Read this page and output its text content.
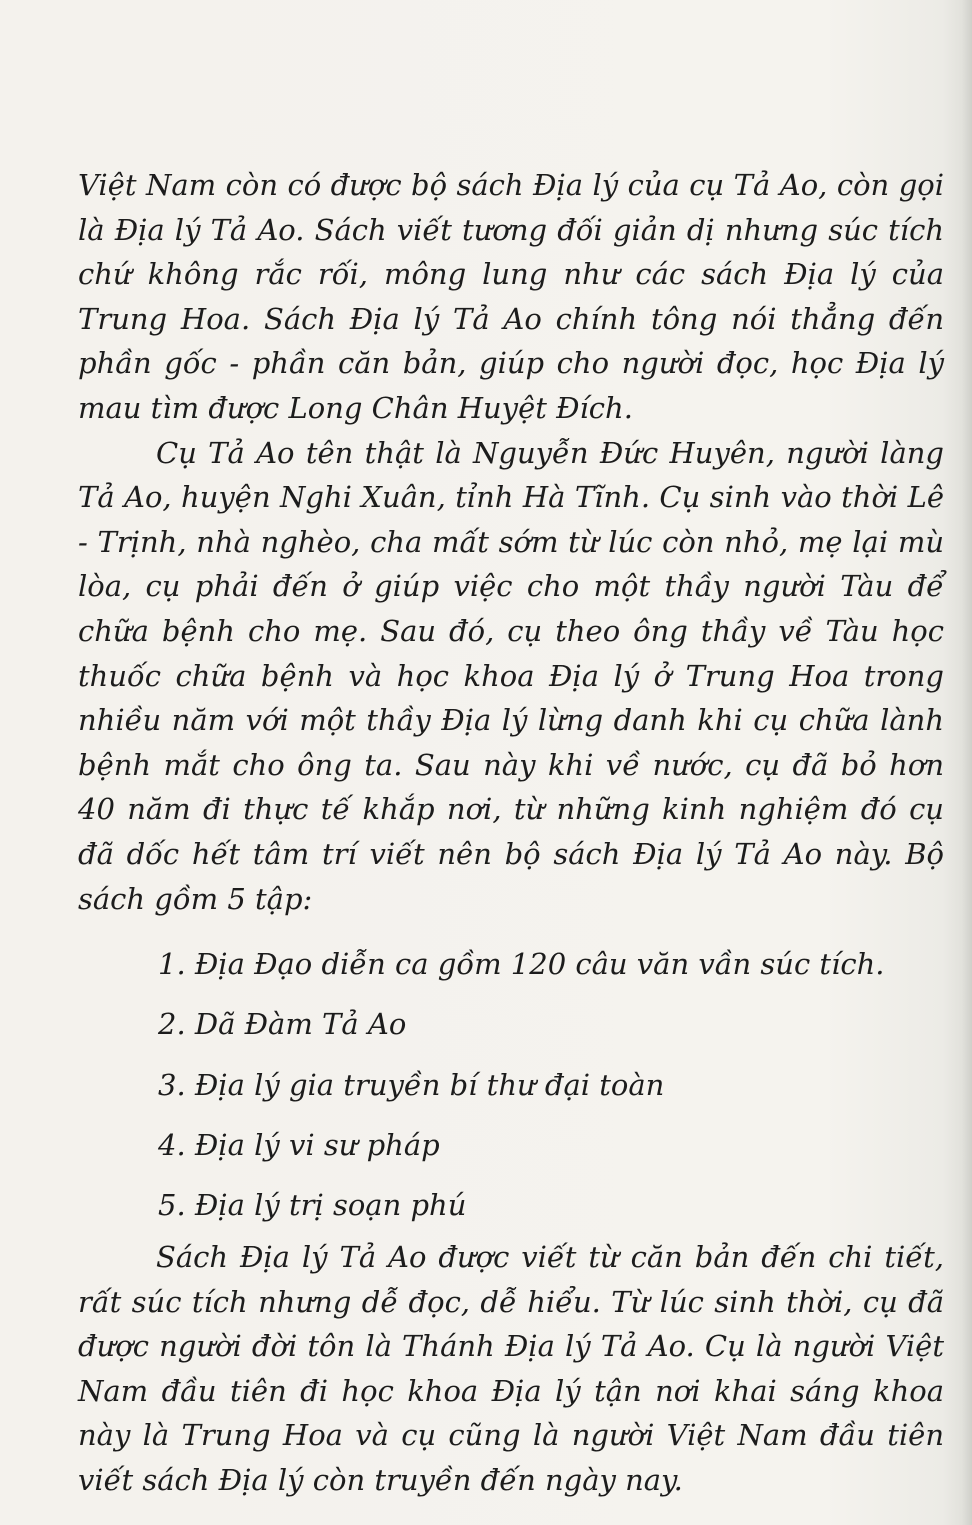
Việt Nam còn có được bộ sách Địa lý của cụ Tả Ao, còn gọi là Địa lý Tả Ao. Sách viết tương đối giản dị nhưng súc tích chứ không rắc rối, mông lung như các sách Địa lý của Trung Hoa. Sách Địa lý Tả Ao chính tông nói thẳng đến phần gốc - phần căn bản, giúp cho người đọc, học Địa lý mau tìm được Long Chân Huyệt Đích.

Cụ Tả Ao tên thật là Nguyễn Đức Huyên, người làng Tả Ao, huyện Nghi Xuân, tỉnh Hà Tĩnh. Cụ sinh vào thời Lê - Trịnh, nhà nghèo, cha mất sớm từ lúc còn nhỏ, mẹ lại mù lòa, cụ phải đến ở giúp việc cho một thầy người Tàu để chữa bệnh cho mẹ. Sau đó, cụ theo ông thầy về Tàu học thuốc chữa bệnh và học khoa Địa lý ở Trung Hoa trong nhiều năm với một thầy Địa lý lừng danh khi cụ chữa lành bệnh mắt cho ông ta. Sau này khi về nước, cụ đã bỏ hơn 40 năm đi thực tế khắp nơi, từ những kinh nghiệm đó cụ đã dốc hết tâm trí viết nên bộ sách Địa lý Tả Ao này. Bộ sách gồm 5 tập:

1. Địa Đạo diễn ca gồm 120 câu văn vần súc tích.
2. Dã Đàm Tả Ao
3. Địa lý gia truyền bí thư đại toàn
4. Địa lý vi sư pháp
5. Địa lý trị soạn phú

Sách Địa lý Tả Ao được viết từ căn bản đến chi tiết, rất súc tích nhưng dễ đọc, dễ hiểu. Từ lúc sinh thời, cụ đã được người đời tôn là Thánh Địa lý Tả Ao. Cụ là người Việt Nam đầu tiên đi học khoa Địa lý tận nơi khai sáng khoa này là Trung Hoa và cụ cũng là người Việt Nam đầu tiên viết sách Địa lý còn truyền đến ngày nay.
